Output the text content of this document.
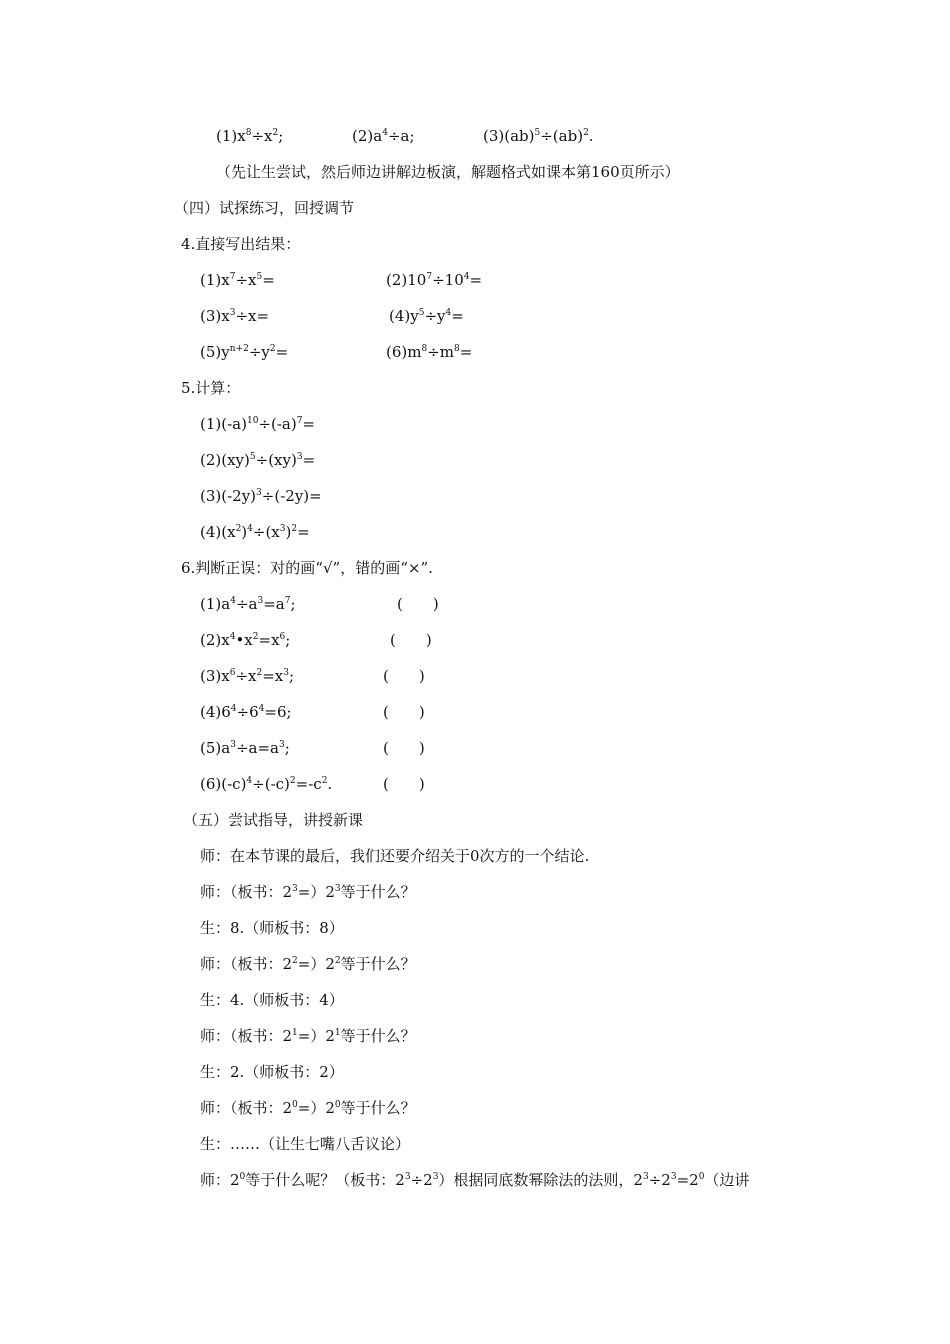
$(1)x^8\div x^2$;	$(2)a^4\div a$;	(3)(ab)$^5$÷(ab)$^2$.
（先让生尝试，然后师边讲解边板演，解题格式如课本第160页所示）
（四）试探练习，回授调节
4.直接写出结果：
$(1)x^7\div x^5=$	$(2)10^7\div 10^4=$
$(3)x^3\div x=$	$(4)y^5\div y^4=$
$(5)y^{n+2}\div y^2=$	$(6)m^8\div m^8=$
5.计算：
$(1)(-a)^{10}\div(-a)^7=$
(2)(xy)$^5$÷(xy)$^3$=
$(3)(-2y)^3\div(-2y)=$
$(4)(x^2)^4\div(x^3)^2=$
6.判断正误：对的画“√”，错的画“×”.
$(1)a^4\div a^3=a^7$;	(　　)
$(2)x^4•x^2=x^6$;	(　　)
$(3)x^6\div x^2=x^3$;	(　　)
$(4)6^4\div 6^4=6$;	(　　)
$(5)a^3\div a=a^3$;	(　　)
$(6)(-c)^4\div(-c)^2=-c^2$.	(　　)
（五）尝试指导，讲授新课
师：在本节课的最后，我们还要介绍关于0次方的一个结论.
师：（板书：$2^3=)2^3$等于什么？
生：8.（师板书：8）
师：（板书：$2^2=)2^2$等于什么？
生：4.（师板书：4）
师：（板书：$2^1=)2^1$等于什么？
生：2.（师板书：2）
师：（板书：$2^0=)2^0$等于什么？
生：……（让生七嘴八舌议论）
师：$2^0$等于什么呢？（板书：$2^3\div 2^3$）根据同底数幂除法的法则，$2^3\div 2^3=2^0$（边讲
